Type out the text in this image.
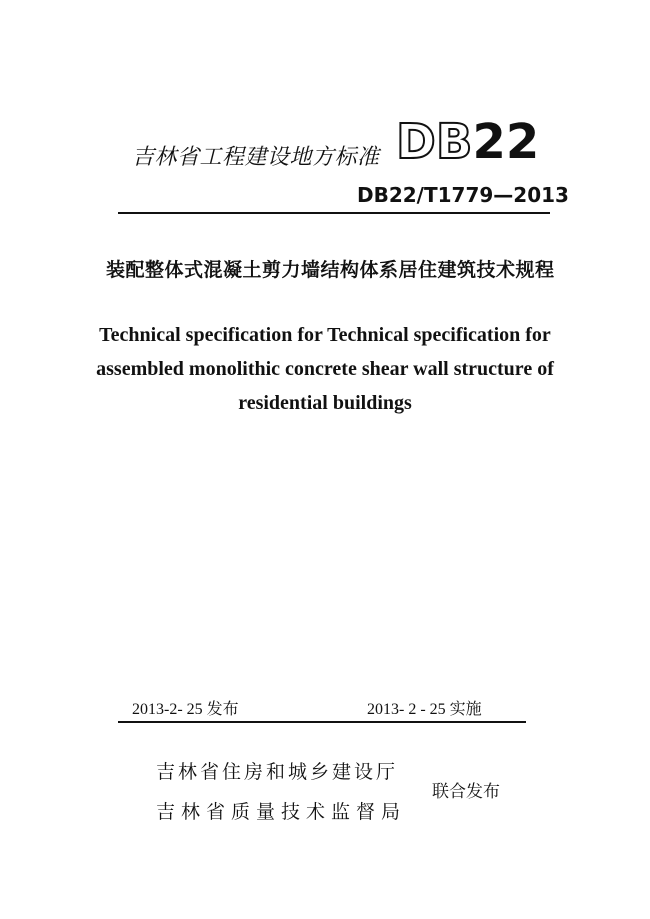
吉林省工程建设地方标准 DB22
DB22/T1779—2013
装配整体式混凝土剪力墙结构体系居住建筑技术规程
Technical specification for Technical specification for
assembled monolithic concrete shear wall structure of
residential buildings
2013-2- 25 发布	2013- 2 - 25 实施
吉林省住房和城乡建设厅
吉林省质量技术监督局
联合发布
